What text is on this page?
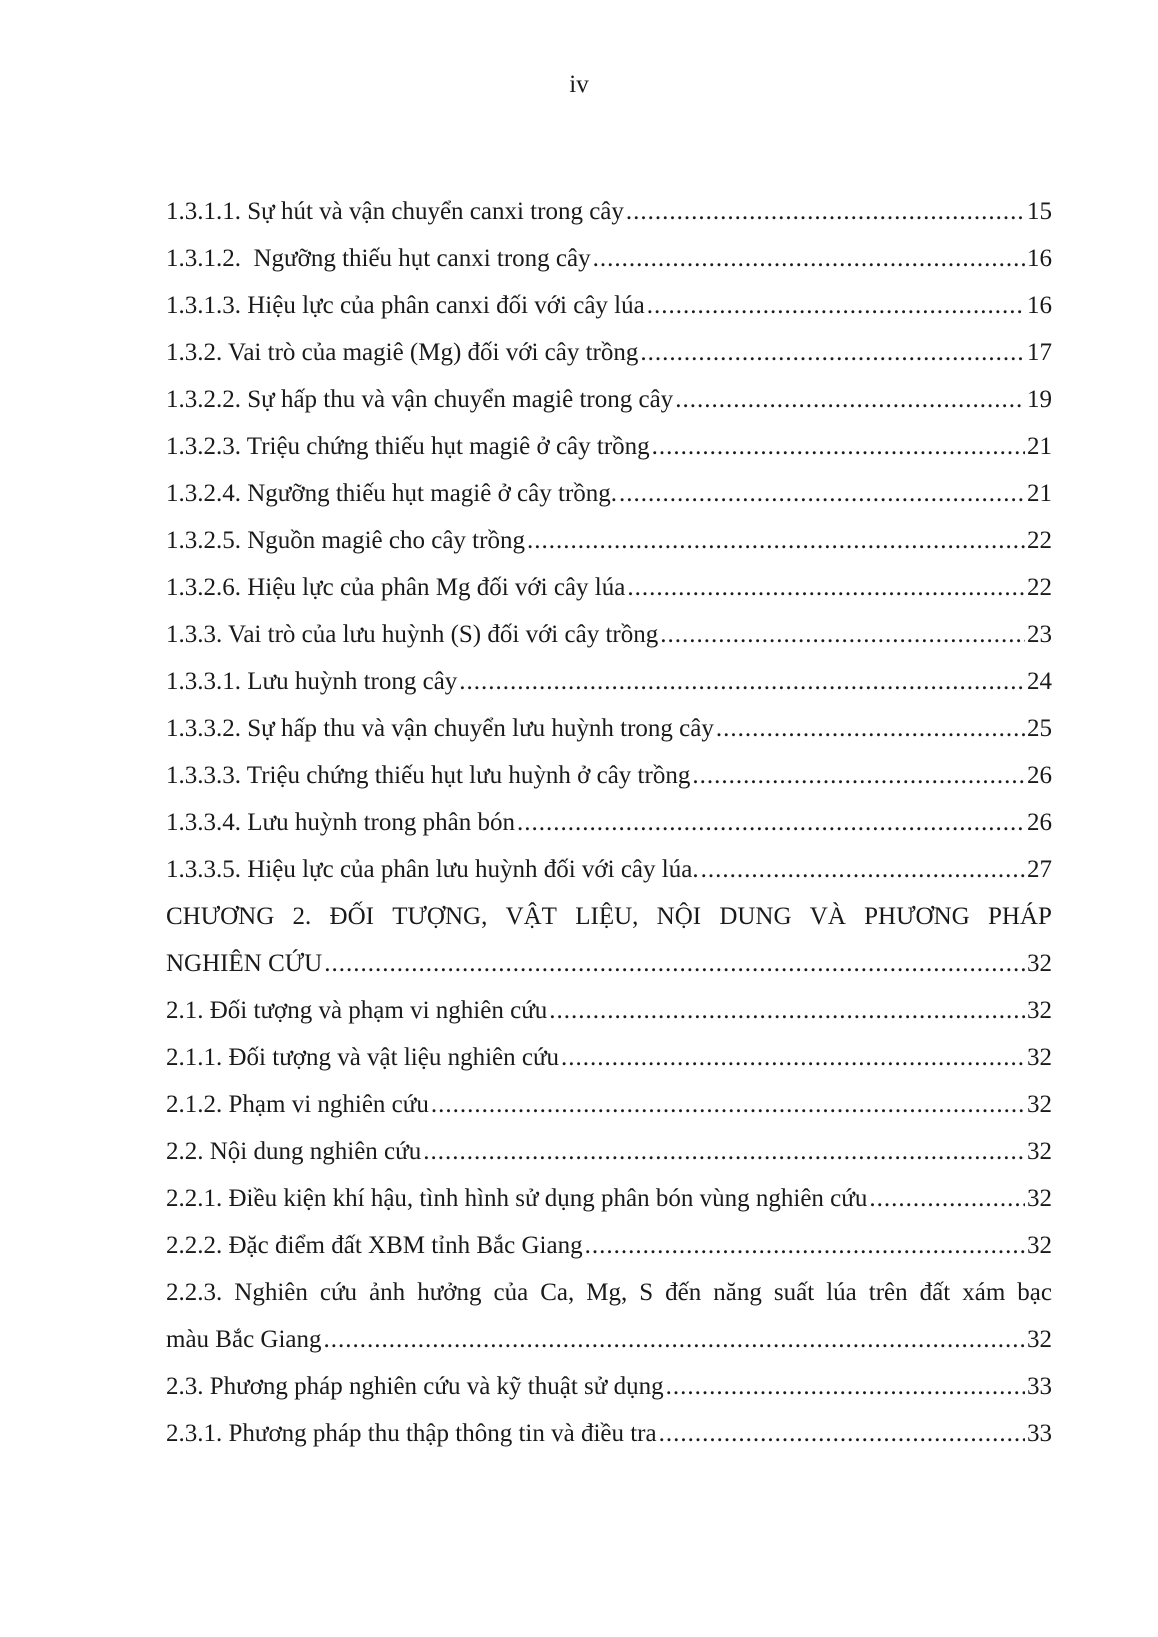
iv
1.3.1.1. Sự hút và vận chuyển canxi trong cây .....	15
1.3.1.2.  Ngưỡng thiếu hụt canxi trong cây .....	16
1.3.1.3. Hiệu lực của phân canxi đối với cây lúa .....	16
1.3.2. Vai trò của magiê (Mg) đối với cây trồng .....	17
1.3.2.2. Sự hấp thu và vận chuyển magiê trong cây .....	19
1.3.2.3. Triệu chứng thiếu hụt magiê ở cây trồng .....	21
1.3.2.4. Ngưỡng thiếu hụt magiê ở cây trồng. .....	21
1.3.2.5. Nguồn magiê cho cây trồng .....	22
1.3.2.6. Hiệu lực của phân Mg đối với cây lúa .....	22
1.3.3. Vai trò của lưu huỳnh (S) đối với cây trồng .....	23
1.3.3.1. Lưu huỳnh trong cây .....	24
1.3.3.2. Sự hấp thu và vận chuyển lưu huỳnh trong cây .....	25
1.3.3.3. Triệu chứng thiếu hụt lưu huỳnh ở cây trồng .....	26
1.3.3.4. Lưu huỳnh trong phân bón .....	26
1.3.3.5. Hiệu lực của phân lưu huỳnh đối với cây lúa. .....	27
CHƯƠNG 2. ĐỐI TƯỢNG, VẬT LIỆU, NỘI DUNG VÀ PHƯƠNG PHÁP
NGHIÊN CỨU .....	32
2.1. Đối tượng và phạm vi nghiên cứu .....	32
2.1.1. Đối tượng và vật liệu nghiên cứu .....	32
2.1.2. Phạm vi nghiên cứu .....	32
2.2. Nội dung nghiên cứu .....	32
2.2.1. Điều kiện khí hậu, tình hình sử dụng phân bón vùng nghiên cứu .....	32
2.2.2. Đặc điểm đất XBM tỉnh Bắc Giang .....	32
2.2.3. Nghiên cứu ảnh hưởng của Ca, Mg, S đến năng suất lúa trên đất xám bạc
màu Bắc Giang .....	32
2.3. Phương pháp nghiên cứu và kỹ thuật sử dụng .....	33
2.3.1. Phương pháp thu thập thông tin và điều tra .....	33
